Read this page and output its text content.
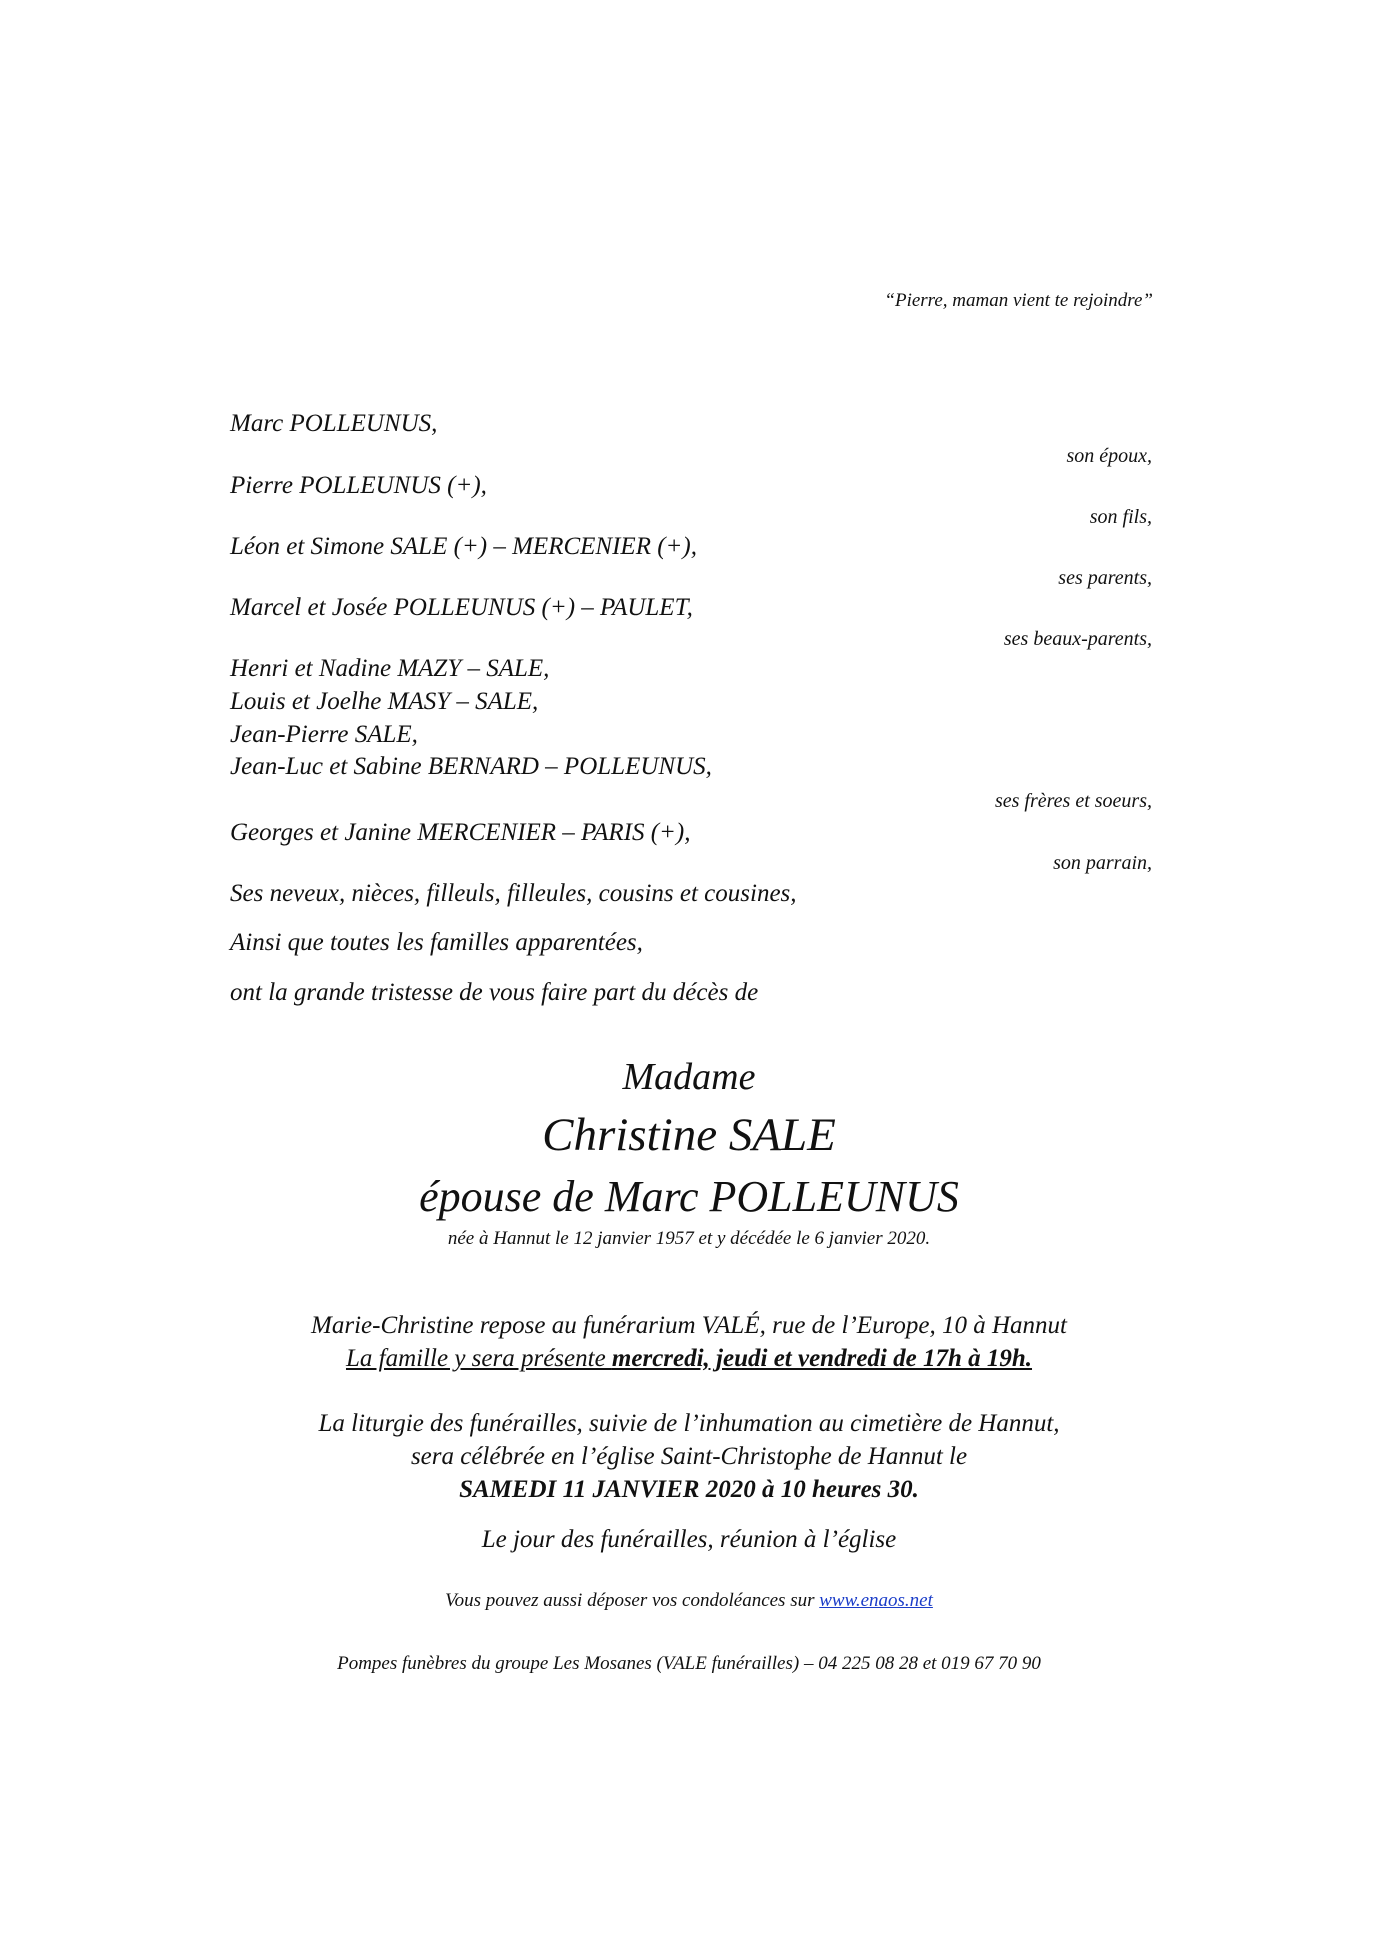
“Pierre, maman vient te rejoindre”
Marc POLLEUNUS,
son époux,
Pierre POLLEUNUS (+),
son fils,
Léon et Simone SALE (+) – MERCENIER (+),
ses parents,
Marcel et Josée POLLEUNUS (+) – PAULET,
ses beaux-parents,
Henri et Nadine MAZY – SALE,
Louis et Joelhe MASY – SALE,
Jean-Pierre SALE,
Jean-Luc et Sabine BERNARD – POLLEUNUS,
ses frères et soeurs,
Georges et Janine MERCENIER – PARIS (+),
son parrain,
Ses neveux, nièces, filleuls, filleules, cousins et cousines,
Ainsi que toutes les familles apparentées,
ont la grande tristesse de vous faire part du décès de
Madame
Christine SALE
épouse de Marc POLLEUNUS
née à Hannut le 12 janvier 1957 et y décédée le 6 janvier 2020.
Marie-Christine repose au funérarium VALÉ, rue de l’Europe, 10 à Hannut
La famille y sera présente mercredi, jeudi et vendredi de 17h à 19h.
La liturgie des funérailles, suivie de l’inhumation au cimetière de Hannut,
sera célébrée en l’église Saint-Christophe de Hannut le
SAMEDI 11 JANVIER 2020 à 10 heures 30.
Le jour des funérailles, réunion à l’église
Vous pouvez aussi déposer vos condoléances sur www.enaos.net
Pompes funèbres du groupe Les Mosanes (VALE funérailles) – 04 225 08 28 et 019 67 70 90
